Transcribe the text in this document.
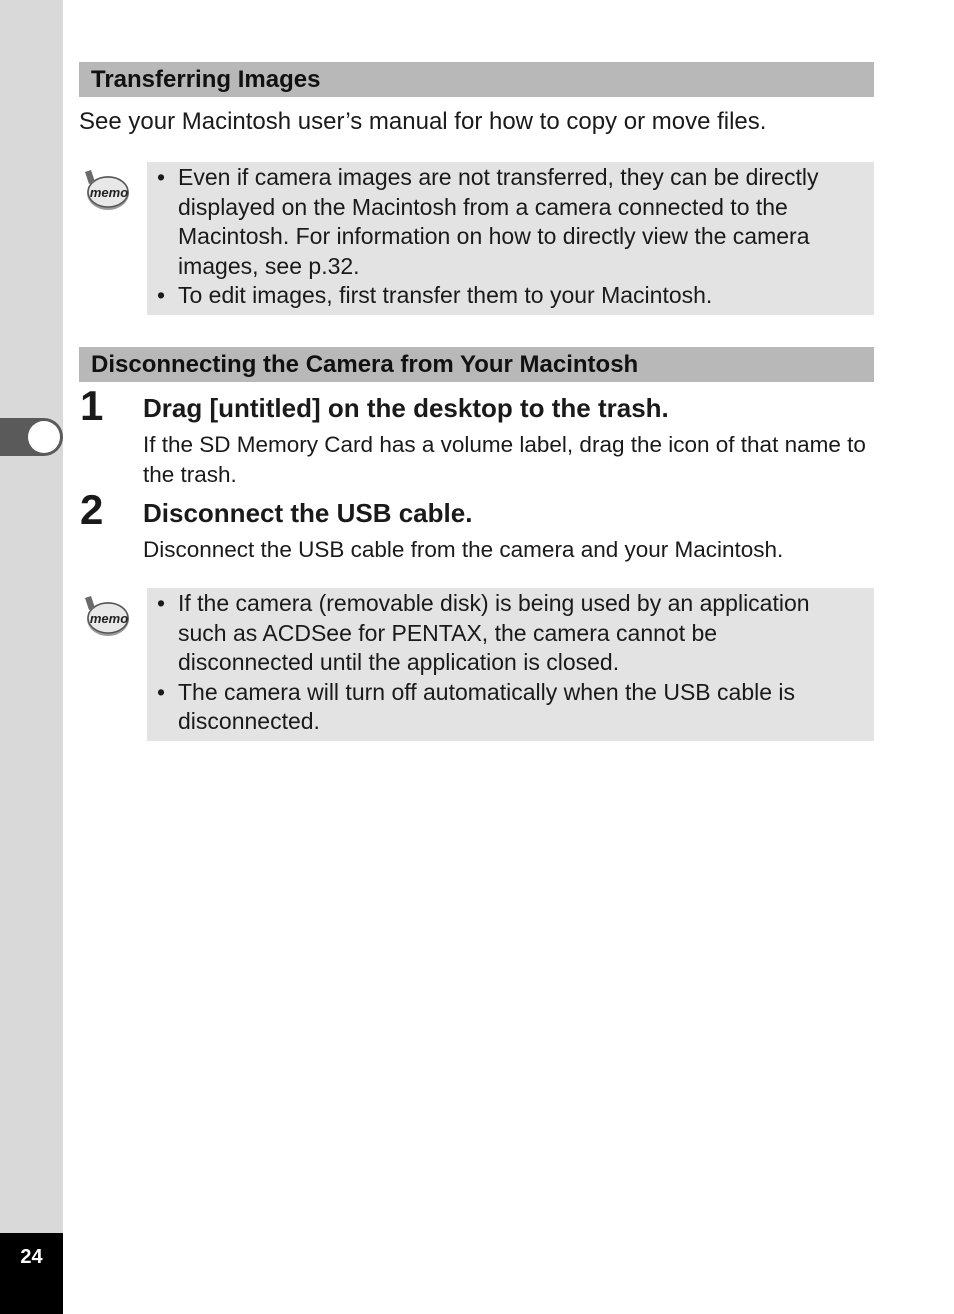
24
Transferring Images
See your Macintosh user’s manual for how to copy or move files.
memo
• Even if camera images are not transferred, they can be directly displayed on the Macintosh from a camera connected to the Macintosh. For information on how to directly view the camera images, see p.32.
• To edit images, first transfer them to your Macintosh.
Disconnecting the Camera from Your Macintosh
1 Drag [untitled] on the desktop to the trash.
If the SD Memory Card has a volume label, drag the icon of that name to the trash.
2 Disconnect the USB cable.
Disconnect the USB cable from the camera and your Macintosh.
memo
• If the camera (removable disk) is being used by an application such as ACDSee for PENTAX, the camera cannot be disconnected until the application is closed.
• The camera will turn off automatically when the USB cable is disconnected.
